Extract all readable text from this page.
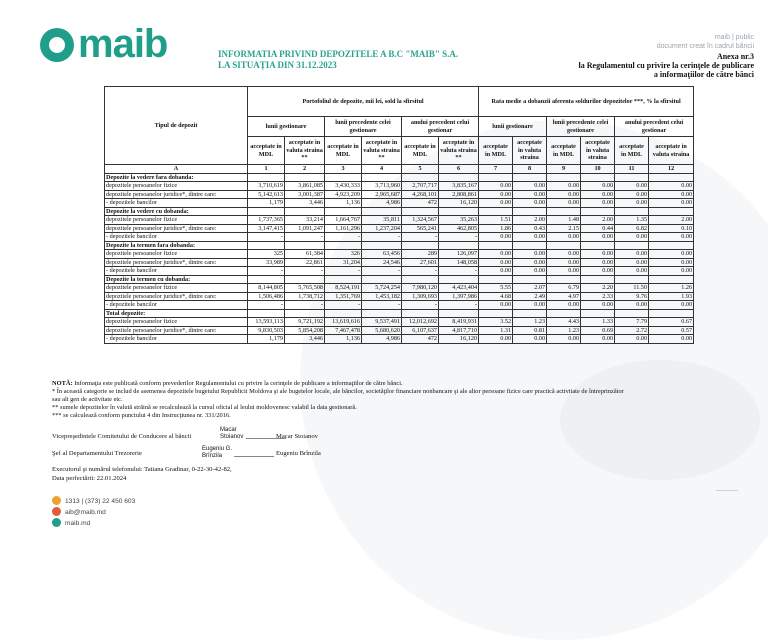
maib	INFORMATIA PRIVIND DEPOZITELE A B.C "MAIB" S.A.
LA SITUAȚIA DIN 31.12.2023
maib | public
document creat în cadrul băncii
Anexa nr.3
la Regulamentul cu privire la cerinţele de publicare
a informaţiilor de către bănci
Tipul de depozit	Portofoliul de depozite, mii lei, sold la sfirsitul						Rata medie a dobanzii aferenta soldurilor depozitelor ***, % la sfirsitul					
	lunii gestionare		lunii precedente celei gestionare		anului precedent celui gestionar		lunii gestionare		lunii precedente celei gestionare		anului precedent celui gestionar	
	acceptate in MDL	acceptate in valuta straina **	acceptate in MDL	acceptate in valuta straina **	acceptate in MDL	acceptate in valuta straina **	acceptate in MDL	acceptate in valuta straina	acceptate in MDL	acceptate in valuta straina	acceptate in MDL	acceptate in valuta straina
A	1	2	3	4	5	6	7	8	9	10	11	12
Depozite la vedere fara dobanda:												
depozitele persoanelor fizice	3,710,619	3,861,085	3,430,333	3,713,960	2,707,717	3,835,167	0.00	0.00	0.00	0.00	0.00	0.00
depozitele persoanelor juridice*, dintre care:	5,142,613	3,001,387	4,923,209	2,965,687	4,268,101	2,808,861	0.00	0.00	0.00	0.00	0.00	0.00
- depozitele bancilor	1,179	3,446	1,136	4,986	472	16,120	0.00	0.00	0.00	0.00	0.00	0.00
Depozite la vedere cu dobanda:												
depozitele persoanelor fizice	1,737,365	33,214	1,664,767	35,811	1,324,567	35,263	1.51	2.00	1.48	2.00	1.35	2.00
depozitele persoanelor juridice*, dintre care:	3,147,415	1,091,247	1,161,296	1,237,204	565,241	462,805	1.86	0.43	2.15	0.44	6.82	0.10
- depozitele bancilor	-	-	-	-	-	-	0.00	0.00	0.00	0.00	0.00	0.00
Depozite la termen fara dobanda:												
depozitele persoanelor fizice	325	61,384	326	63,456	289	126,097	0.00	0.00	0.00	0.00	0.00	0.00
depozitele persoanelor juridice*, dintre care:	33,989	22,861	31,204	24,546	27,601	148,058	0.00	0.00	0.00	0.00	0.00	0.00
- depozitele bancilor	-	-	-	-	-	-	0.00	0.00	0.00	0.00	0.00	0.00
Depozite la termen cu dobanda:												
depozitele persoanelor fizice	8,144,805	5,765,508	8,524,191	5,724,254	7,980,120	4,423,404	5.55	2.07	6.79	2.20	11.50	1.26
depozitele persoanelor juridice*, dintre care:	1,506,486	1,738,712	1,351,769	1,453,182	1,309,693	1,397,986	4.68	2.49	4.97	2.33	9.76	1.93
- depozitele bancilor	-	-	-	-	-	-	0.00	0.00	0.00	0.00	0.00	0.00
Total depozite:												
depozitele persoanelor fizice	13,593,113	9,721,192	13,619,616	9,537,491	12,012,692	8,419,931	3.52	1.23	4.43	1.33	7.79	0.67
depozitele persoanelor juridice*, dintre care:	9,830,503	5,854,208	7,467,478	5,680,620	6,107,637	4,817,710	1.31	0.81	1.23	0.69	2.72	0.57
- depozitele bancilor	1,179	3,446	1,136	4,986	472	16,120	0.00	0.00	0.00	0.00	0.00	0.00
NOTĂ: Informaţia este publicată conform prevederilor Regulamentului cu privire la cerinţele de publicare a informaţiilor de către bănci.
* În această categorie se includ de asemenea depozitele bugetului Republicii Moldova şi ale bugetelor locale, ale băncilor, societăţilor financiare nonbancare şi ale altor persoane fizice care practică activitate de întreprinzător
sau alt gen de activitate etc.
** sumele depozitelor în valută străină se recalculează la cursul oficial al leului moldovenesc valabil la data gestionară.
*** se calculează conform punctului 4 din Instrucţiunea nr. 331/2016.
Vicepreşedintele Comitetului de Conducere al băncii
Macar
Stoianov	Macar Stoianov
Şef al Departamentului Trezorerie
Eugeniu G.
Brînzila	Eugeniu Brînzila
Executorul şi numărul telefonului: Tatiana Gradinar, 0-22-30-42-82,
Data perfectării: 22.01.2024
1313 | (373) 22 450 603
aib@maib.md
maib.md
